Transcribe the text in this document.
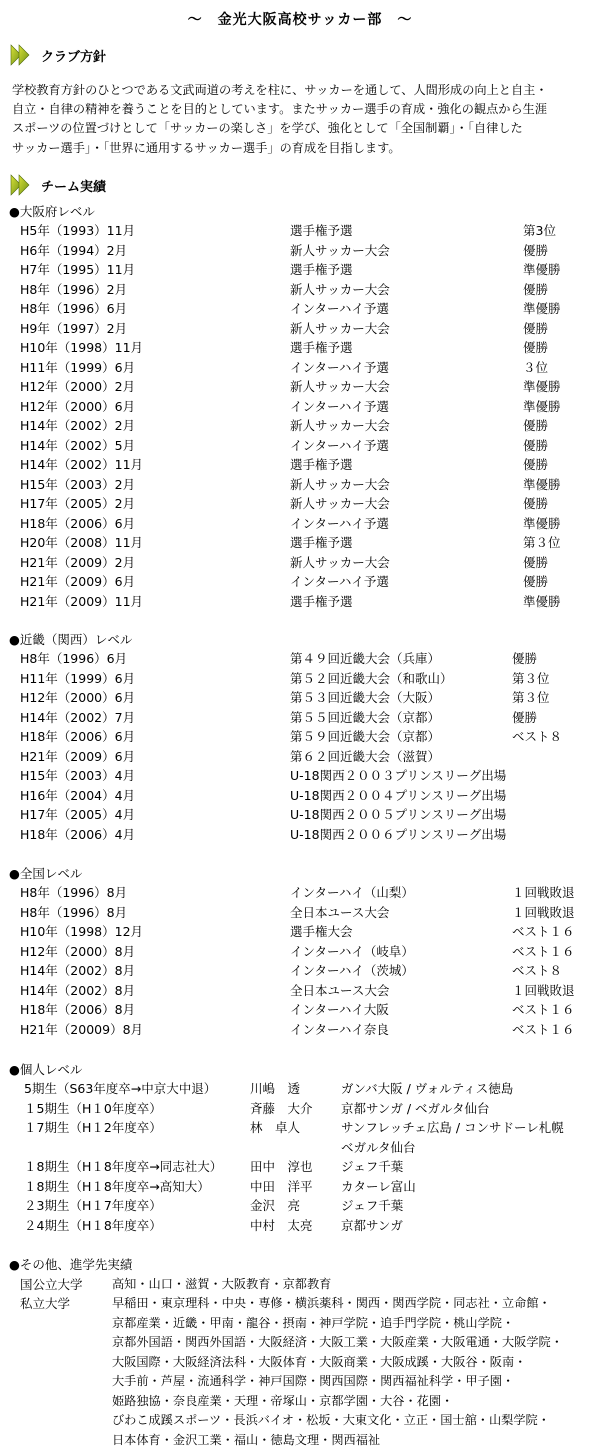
～　金光大阪高校サッカー部　～
クラブ方針
学校教育方針のひとつである文武両道の考えを柱に、サッカーを通して、人間形成の向上と自主・
自立・自律の精神を養うことを目的としています。またサッカー選手の育成・強化の観点から生涯
スポーツの位置づけとして「サッカーの楽しさ」を学び、強化として「全国制覇」・「自律した
サッカー選手」・「世界に通用するサッカー選手」の育成を目指します。
チーム実績
●大阪府レベル
H5年（1993）11月	選手権予選	第3位
H6年（1994）2月	新人サッカー大会	優勝
H7年（1995）11月	選手権予選	準優勝
H8年（1996）2月	新人サッカー大会	優勝
H8年（1996）6月	インターハイ予選	準優勝
H9年（1997）2月	新人サッカー大会	優勝
H10年（1998）11月	選手権予選	優勝
H11年（1999）6月	インターハイ予選	３位
H12年（2000）2月	新人サッカー大会	準優勝
H12年（2000）6月	インターハイ予選	準優勝
H14年（2002）2月	新人サッカー大会	優勝
H14年（2002）5月	インターハイ予選	優勝
H14年（2002）11月	選手権予選	優勝
H15年（2003）2月	新人サッカー大会	準優勝
H17年（2005）2月	新人サッカー大会	優勝
H18年（2006）6月	インターハイ予選	準優勝
H20年（2008）11月	選手権予選	第３位
H21年（2009）2月	新人サッカー大会	優勝
H21年（2009）6月	インターハイ予選	優勝
H21年（2009）11月	選手権予選	準優勝
●近畿（関西）レベル
H8年（1996）6月	第４９回近畿大会（兵庫）	優勝
H11年（1999）6月	第５２回近畿大会（和歌山）	第３位
H12年（2000）6月	第５３回近畿大会（大阪）	第３位
H14年（2002）7月	第５５回近畿大会（京都）	優勝
H18年（2006）6月	第５９回近畿大会（京都）	ベスト８
H21年（2009）6月	第６２回近畿大会（滋賀）
H15年（2003）4月	U-18関西２００３プリンスリーグ出場
H16年（2004）4月	U-18関西２００４プリンスリーグ出場
H17年（2005）4月	U-18関西２００５プリンスリーグ出場
H18年（2006）4月	U-18関西２００６プリンスリーグ出場
●全国レベル
H8年（1996）8月	インターハイ（山梨）	１回戦敗退
H8年（1996）8月	全日本ユース大会	１回戦敗退
H10年（1998）12月	選手権大会	ベスト１６
H12年（2000）8月	インターハイ（岐阜）	ベスト１６
H14年（2002）8月	インターハイ（茨城）	ベスト８
H14年（2002）8月	全日本ユース大会	１回戦敗退
H18年（2006）8月	インターハイ大阪	ベスト１６
H21年（20009）8月	インターハイ奈良	ベスト１６
●個人レベル
5期生（S63年度卒→中京大中退）	川嶋　透	ガンバ大阪 / ヴォルティス徳島
１5期生（H１0年度卒）	斉藤　大介 京都サンガ / ベガルタ仙台
１7期生（H１2年度卒）	林　卓人	サンフレッチェ広島 / コンサドーレ札幌
ベガルタ仙台
１8期生（H１8年度卒→同志社大） 田中　淳也 ジェフ千葉
１8期生（H１8年度卒→高知大）	中田　洋平 カターレ富山
２3期生（H１7年度卒）	金沢　亮	ジェフ千葉
２4期生（H１8年度卒）	中村　太亮 京都サンガ
●その他、進学先実績
国公立大学 高知・山口・滋賀・大阪教育・京都教育
私立大学	早稲田・東京理科・中央・専修・横浜薬科・関西・関西学院・同志社・立命館・
京都産業・近畿・甲南・龍谷・摂南・神戸学院・追手門学院・桃山学院・
京都外国語・関西外国語・大阪経済・大阪工業・大阪産業・大阪電通・大阪学院・
大阪国際・大阪経済法科・大阪体育・大阪商業・大阪成蹊・大阪谷・阪南・
大手前・芦屋・流通科学・神戸国際・関西国際・関西福祉科学・甲子園・
姫路独協・奈良産業・天理・帝塚山・京都学園・大谷・花園・
びわこ成蹊スポーツ・長浜バイオ・松坂・大東文化・立正・国士舘・山梨学院・
日本体育・金沢工業・福山・徳島文理・関西福祉
